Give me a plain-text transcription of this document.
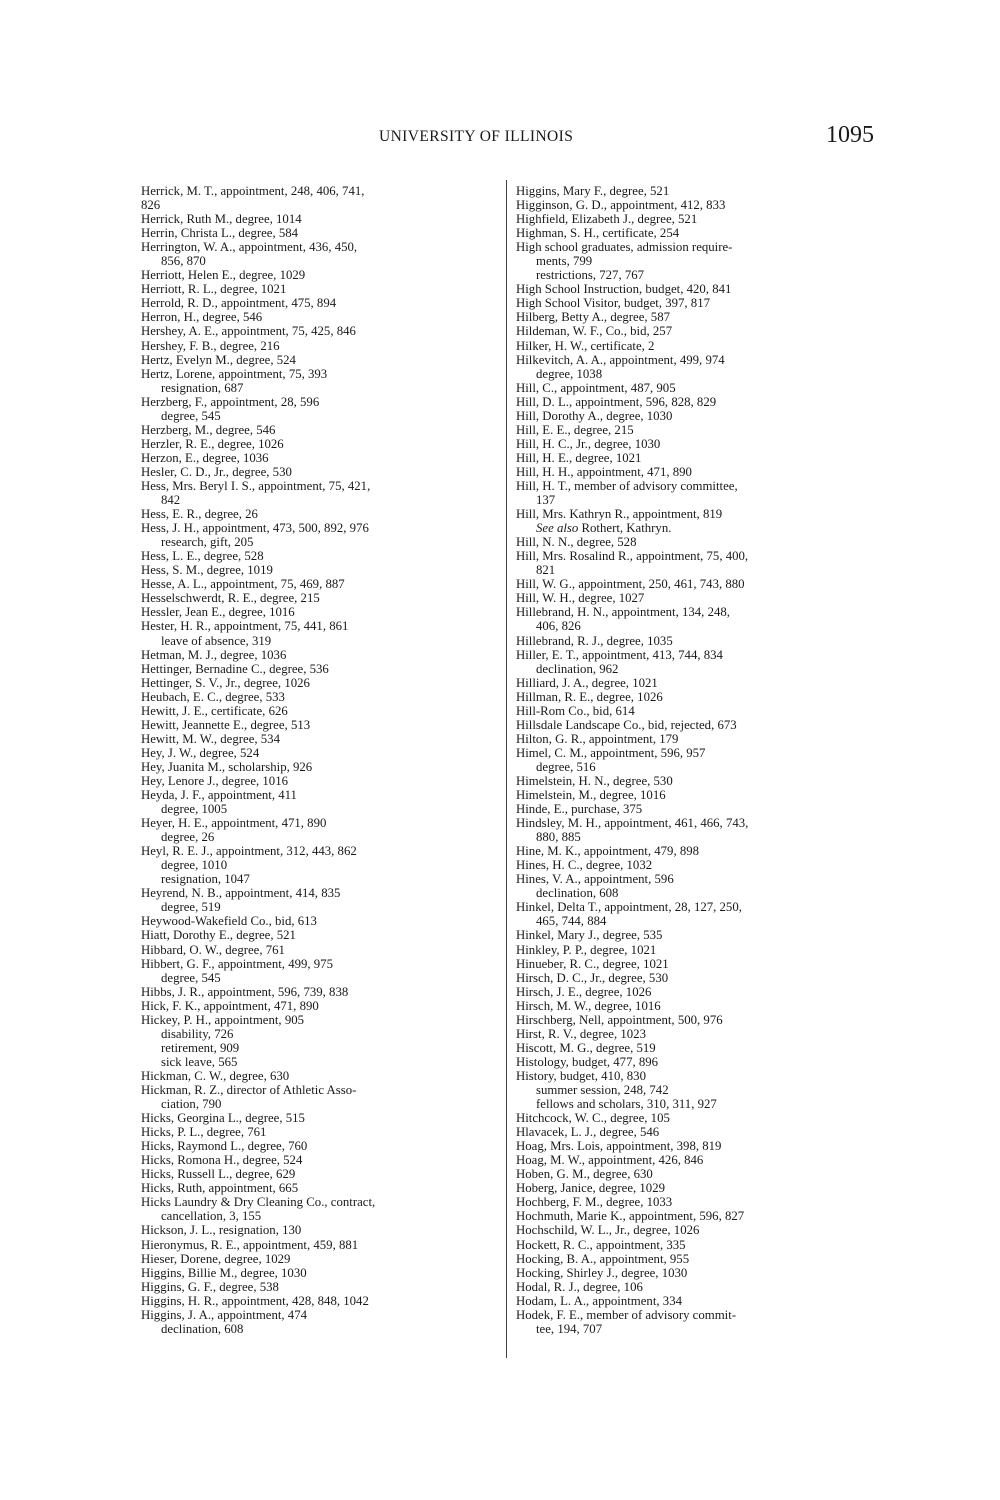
UNIVERSITY OF ILLINOIS	1095
Herrick, M. T., appointment, 248, 406, 741,
826
Herrick, Ruth M., degree, 1014
Herrin, Christa L., degree, 584
Herrington, W. A., appointment, 436, 450,
856, 870
Herriott, Helen E., degree, 1029
Herriott, R. L., degree, 1021
Herrold, R. D., appointment, 475, 894
Herron, H., degree, 546
Hershey, A. E., appointment, 75, 425, 846
Hershey, F. B., degree, 216
Hertz, Evelyn M., degree, 524
Hertz, Lorene, appointment, 75, 393
resignation, 687
Herzberg, F., appointment, 28, 596
degree, 545
Herzberg, M., degree, 546
Herzler, R. E., degree, 1026
Herzon, E., degree, 1036
Hesler, C. D., Jr., degree, 530
Hess, Mrs. Beryl I. S., appointment, 75, 421,
842
Hess, E. R., degree, 26
Hess, J. H., appointment, 473, 500, 892, 976
research, gift, 205
Hess, L. E., degree, 528
Hess, S. M., degree, 1019
Hesse, A. L., appointment, 75, 469, 887
Hesselschwerdt, R. E., degree, 215
Hessler, Jean E., degree, 1016
Hester, H. R., appointment, 75, 441, 861
leave of absence, 319
Hetman, M. J., degree, 1036
Hettinger, Bernadine C., degree, 536
Hettinger, S. V., Jr., degree, 1026
Heubach, E. C., degree, 533
Hewitt, J. E., certificate, 626
Hewitt, Jeannette E., degree, 513
Hewitt, M. W., degree, 534
Hey, J. W., degree, 524
Hey, Juanita M., scholarship, 926
Hey, Lenore J., degree, 1016
Heyda, J. F., appointment, 411
degree, 1005
Heyer, H. E., appointment, 471, 890
degree, 26
Heyl, R. E. J., appointment, 312, 443, 862
degree, 1010
resignation, 1047
Heyrend, N. B., appointment, 414, 835
degree, 519
Heywood-Wakefield Co., bid, 613
Hiatt, Dorothy E., degree, 521
Hibbard, O. W., degree, 761
Hibbert, G. F., appointment, 499, 975
degree, 545
Hibbs, J. R., appointment, 596, 739, 838
Hick, F. K., appointment, 471, 890
Hickey, P. H., appointment, 905
disability, 726
retirement, 909
sick leave, 565
Hickman, C. W., degree, 630
Hickman, R. Z., director of Athletic Asso-
ciation, 790
Hicks, Georgina L., degree, 515
Hicks, P. L., degree, 761
Hicks, Raymond L., degree, 760
Hicks, Romona H., degree, 524
Hicks, Russell L., degree, 629
Hicks, Ruth, appointment, 665
Hicks Laundry & Dry Cleaning Co., contract,
cancellation, 3, 155
Hickson, J. L., resignation, 130
Hieronymus, R. E., appointment, 459, 881
Hieser, Dorene, degree, 1029
Higgins, Billie M., degree, 1030
Higgins, G. F., degree, 538
Higgins, H. R., appointment, 428, 848, 1042
Higgins, J. A., appointment, 474
declination, 608
Higgins, Mary F., degree, 521
Higginson, G. D., appointment, 412, 833
Highfield, Elizabeth J., degree, 521
Highman, S. H., certificate, 254
High school graduates, admission require-
ments, 799
restrictions, 727, 767
High School Instruction, budget, 420, 841
High School Visitor, budget, 397, 817
Hilberg, Betty A., degree, 587
Hildeman, W. F., Co., bid, 257
Hilker, H. W., certificate, 2
Hilkevitch, A. A., appointment, 499, 974
degree, 1038
Hill, C., appointment, 487, 905
Hill, D. L., appointment, 596, 828, 829
Hill, Dorothy A., degree, 1030
Hill, E. E., degree, 215
Hill, H. C., Jr., degree, 1030
Hill, H. E., degree, 1021
Hill, H. H., appointment, 471, 890
Hill, H. T., member of advisory committee,
137
Hill, Mrs. Kathryn R., appointment, 819
See also Rothert, Kathryn.
Hill, N. N., degree, 528
Hill, Mrs. Rosalind R., appointment, 75, 400,
821
Hill, W. G., appointment, 250, 461, 743, 880
Hill, W. H., degree, 1027
Hillebrand, H. N., appointment, 134, 248,
406, 826
Hillebrand, R. J., degree, 1035
Hiller, E. T., appointment, 413, 744, 834
declination, 962
Hilliard, J. A., degree, 1021
Hillman, R. E., degree, 1026
Hill-Rom Co., bid, 614
Hillsdale Landscape Co., bid, rejected, 673
Hilton, G. R., appointment, 179
Himel, C. M., appointment, 596, 957
degree, 516
Himelstein, H. N., degree, 530
Himelstein, M., degree, 1016
Hinde, E., purchase, 375
Hindsley, M. H., appointment, 461, 466, 743,
880, 885
Hine, M. K., appointment, 479, 898
Hines, H. C., degree, 1032
Hines, V. A., appointment, 596
declination, 608
Hinkel, Delta T., appointment, 28, 127, 250,
465, 744, 884
Hinkel, Mary J., degree, 535
Hinkley, P. P., degree, 1021
Hinueber, R. C., degree, 1021
Hirsch, D. C., Jr., degree, 530
Hirsch, J. E., degree, 1026
Hirsch, M. W., degree, 1016
Hirschberg, Nell, appointment, 500, 976
Hirst, R. V., degree, 1023
Hiscott, M. G., degree, 519
Histology, budget, 477, 896
History, budget, 410, 830
summer session, 248, 742
fellows and scholars, 310, 311, 927
Hitchcock, W. C., degree, 105
Hlavacek, L. J., degree, 546
Hoag, Mrs. Lois, appointment, 398, 819
Hoag, M. W., appointment, 426, 846
Hoben, G. M., degree, 630
Hoberg, Janice, degree, 1029
Hochberg, F. M., degree, 1033
Hochmuth, Marie K., appointment, 596, 827
Hochschild, W. L., Jr., degree, 1026
Hockett, R. C., appointment, 335
Hocking, B. A., appointment, 955
Hocking, Shirley J., degree, 1030
Hodal, R. J., degree, 106
Hodam, L. A., appointment, 334
Hodek, F. E., member of advisory commit-
tee, 194, 707
